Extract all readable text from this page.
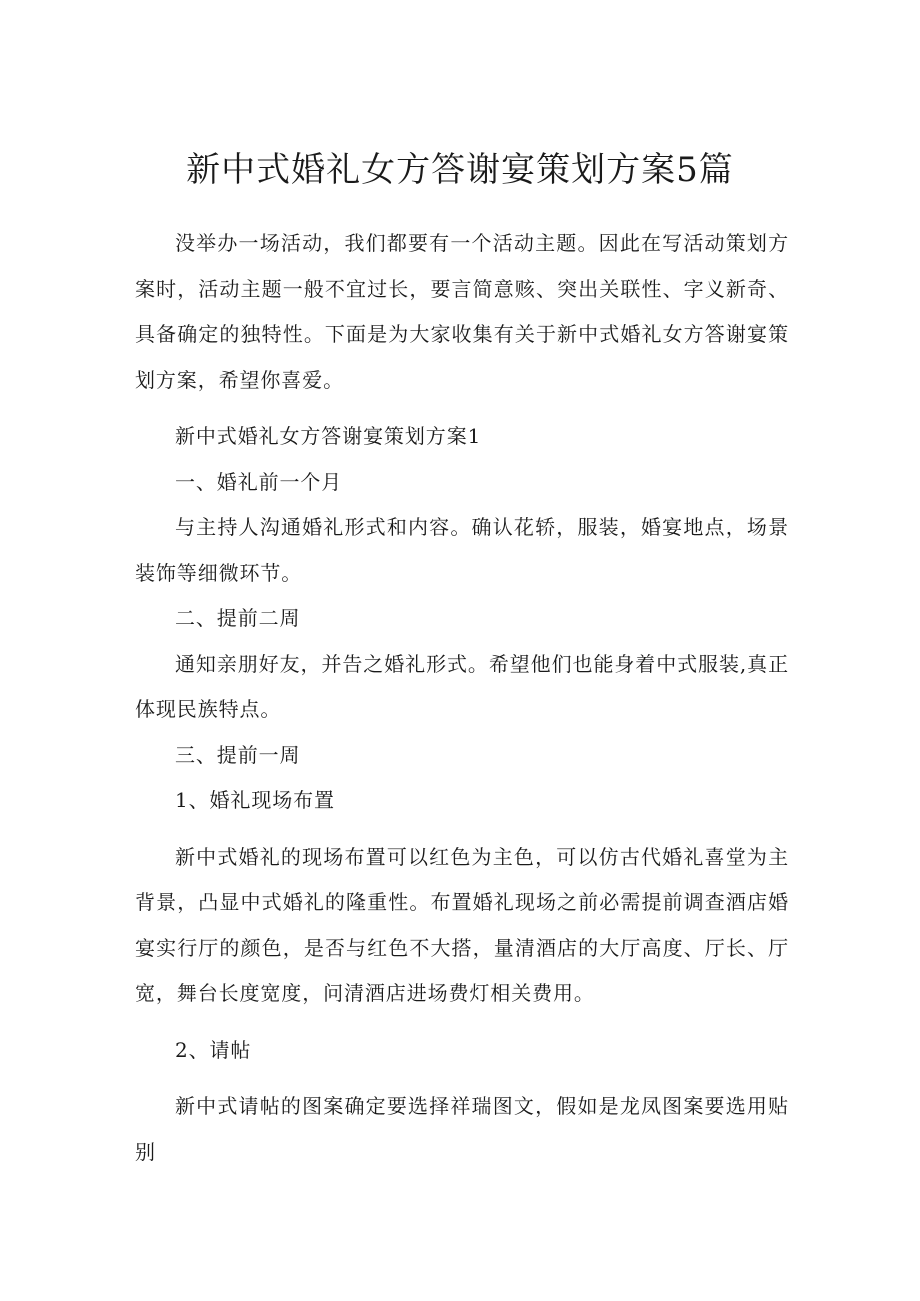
新中式婚礼女方答谢宴策划方案5篇

没举办一场活动，我们都要有一个活动主题。因此在写活动策划方案时，活动主题一般不宜过长，要言简意赅、突出关联性、字义新奇、具备确定的独特性。下面是为大家收集有关于新中式婚礼女方答谢宴策划方案，希望你喜爱。

新中式婚礼女方答谢宴策划方案1

一、婚礼前一个月

与主持人沟通婚礼形式和内容。确认花轿，服装，婚宴地点，场景装饰等细微环节。

二、提前二周

通知亲朋好友，并告之婚礼形式。希望他们也能身着中式服装,真正体现民族特点。

三、提前一周

1、婚礼现场布置

新中式婚礼的现场布置可以红色为主色，可以仿古代婚礼喜堂为主背景，凸显中式婚礼的隆重性。布置婚礼现场之前必需提前调查酒店婚宴实行厅的颜色，是否与红色不大搭，量清酒店的大厅高度、厅长、厅宽，舞台长度宽度，问清酒店进场费灯相关费用。

2、请帖

新中式请帖的图案确定要选择祥瑞图文，假如是龙凤图案要选用贴别
